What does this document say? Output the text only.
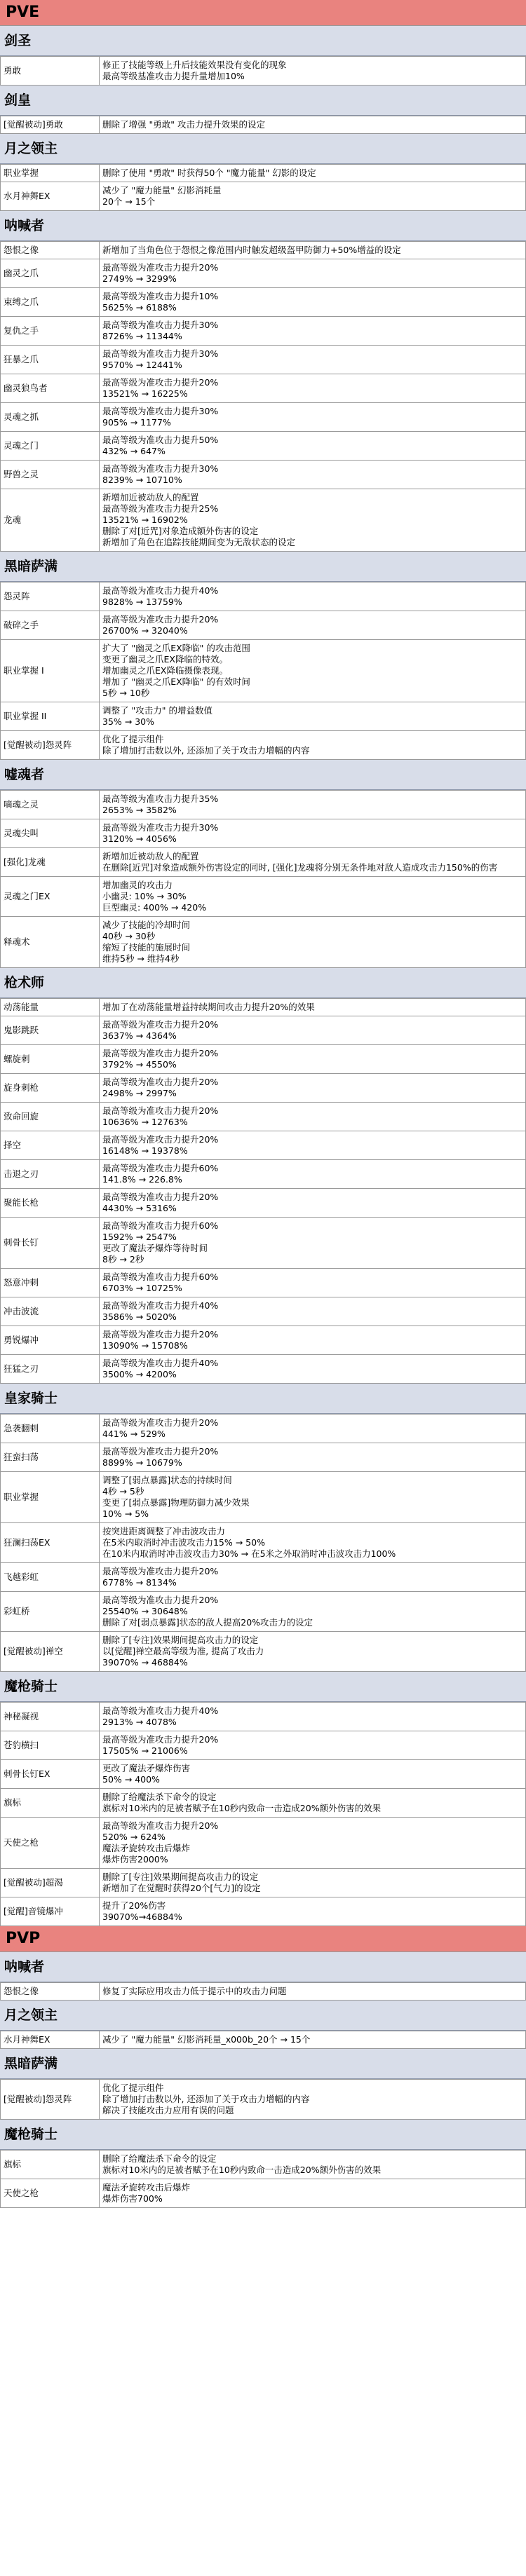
PVE
剑圣
勇敢	修正了技能等级上升后技能效果没有变化的现象
最高等级基准攻击力提升量增加10%
剑皇
[觉醒被动]勇敢	删除了增强 "勇敢" 攻击力提升效果的设定
月之领主
职业掌握	删除了使用 "勇敢" 时获得50个 "魔力能量" 幻影的设定
水月神舞EX	减少了 "魔力能量" 幻影消耗量
20个 → 15个
呐喊者
怨恨之像	新增加了当角色位于怨恨之像范围内时触发超级盔甲防御力+50%增益的设定
幽灵之爪	最高等级为准攻击力提升20%
2749% → 3299%
束缚之爪	最高等级为准攻击力提升10%
5625% → 6188%
复仇之手	最高等级为准攻击力提升30%
8726% → 11344%
狂暴之爪	最高等级为准攻击力提升30%
9570% → 12441%
幽灵狼鸟者	最高等级为准攻击力提升20%
13521% → 16225%
灵魂之抓	最高等级为准攻击力提升30%
905% → 1177%
灵魂之门	最高等级为准攻击力提升50%
432% → 647%
野兽之灵	最高等级为准攻击力提升30%
8239% → 10710%
龙魂	新增加近被动敌人的配置
最高等级为准攻击力提升25%
13521% → 16902%
删除了对[近咒]对象造成额外伤害的设定
新增加了角色在追踪技能期间变为无敌状态的设定
黑暗萨满
怨灵阵	最高等级为准攻击力提升40%
9828% → 13759%
破碎之手	最高等级为准攻击力提升20%
26700% → 32040%
职业掌握 I	扩大了 "幽灵之爪EX降临" 的攻击范围
变更了幽灵之爪EX降临的特效。
增加幽灵之爪EX降临摄像表现。
增加了 "幽灵之爪EX降临" 的有效时间
5秒 → 10秒
职业掌握 II	调整了 "攻击力" 的增益数值
35% → 30%
[觉醒被动]怨灵阵	优化了提示组件
除了增加打击数以外, 还添加了关于攻击力增幅的内容
嘘魂者
嘀魂之灵	最高等级为准攻击力提升35%
2653% → 3582%
灵魂尖叫	最高等级为准攻击力提升30%
3120% → 4056%
[强化]龙魂	新增加近被动敌人的配置
在删除[近咒]对象造成额外伤害设定的同时, [强化]龙魂将分别无条件地对敌人造成攻击力150%的伤害
灵魂之门EX	增加幽灵的攻击力
小幽灵: 10% → 30%
巨型幽灵: 400% → 420%
释魂术	减少了技能的冷却时间
40秒 → 30秒
缩短了技能的施展时间
维持5秒 → 维持4秒
枪术师
动荡能量	增加了在动荡能量增益持续期间攻击力提升20%的效果
鬼影跳跃	最高等级为准攻击力提升20%
3637% → 4364%
螺旋刺	最高等级为准攻击力提升20%
3792% → 4550%
旋身刺枪	最高等级为准攻击力提升20%
2498% → 2997%
致命回旋	最高等级为准攻击力提升20%
10636% → 12763%
择空	最高等级为准攻击力提升20%
16148% → 19378%
击退之刃	最高等级为准攻击力提升60%
141.8% → 226.8%
聚能长枪	最高等级为准攻击力提升20%
4430% → 5316%
刺骨长钉	最高等级为准攻击力提升60%
1592% → 2547%
更改了魔法矛爆炸等待时间
8秒 → 2秒
怒意冲刺	最高等级为准攻击力提升60%
6703% → 10725%
冲击波流	最高等级为准攻击力提升40%
3586% → 5020%
勇锐爆冲	最高等级为准攻击力提升20%
13090% → 15708%
狂猛之刃	最高等级为准攻击力提升40%
3500% → 4200%
皇家骑士
急袭翻刺	最高等级为准攻击力提升20%
441% → 529%
狂蛮扫荡	最高等级为准攻击力提升20%
8899% → 10679%
职业掌握	调整了[弱点暴露]状态的持续时间
4秒 → 5秒
变更了[弱点暴露]物理防御力减少效果
10% → 5%
狂澜扫荡EX	按突进距离调整了冲击波攻击力
在5米内取消时冲击波攻击力15% → 50%
在10米内取消时冲击波攻击力30% → 在5米之外取消时冲击波攻击力100%
飞越彩虹	最高等级为准攻击力提升20%
6778% → 8134%
彩虹桥	最高等级为准攻击力提升20%
25540% → 30648%
删除了对[弱点暴露]状态的敌人提高20%攻击力的设定
[觉醒被动]禅空	删除了[专注]效果期间提高攻击力的设定
以[觉醒]禅空最高等级为准, 提高了攻击力
39070% → 46884%
魔枪骑士
神秘凝视	最高等级为准攻击力提升40%
2913% → 4078%
苍豹横扫	最高等级为准攻击力提升20%
17505% → 21006%
刺骨长钉EX	更改了魔法矛爆炸伤害
50% → 400%
旗标	删除了给魔法杀下命令的设定
旗标对10米内的足被者赋予在10秒内致命一击造成20%额外伤害的效果
天使之枪	最高等级为准攻击力提升20%
520% → 624%
魔法矛旋转攻击后爆炸
爆炸伤害2000%
[觉醒被动]超渴	删除了[专注]效果期间提高攻击力的设定
新增加了在觉醒时获得20个[气力]的设定
[觉醒]音镜爆冲	提升了20%伤害
39070%→46884%
PVP
呐喊者
怨恨之像	修复了实际应用攻击力低于提示中的攻击力问题
月之领主
水月神舞EX	减少了 "魔力能量" 幻影消耗量_x000b_20个 → 15个
黑暗萨满
[觉醒被动]怨灵阵	优化了提示组件
除了增加打击数以外, 还添加了关于攻击力增幅的内容
解决了技能攻击力应用有误的问题
魔枪骑士
旗标	删除了给魔法杀下命令的设定
旗标对10米内的足被者赋予在10秒内致命一击造成20%额外伤害的效果
天使之枪	魔法矛旋转攻击后爆炸
爆炸伤害700%
